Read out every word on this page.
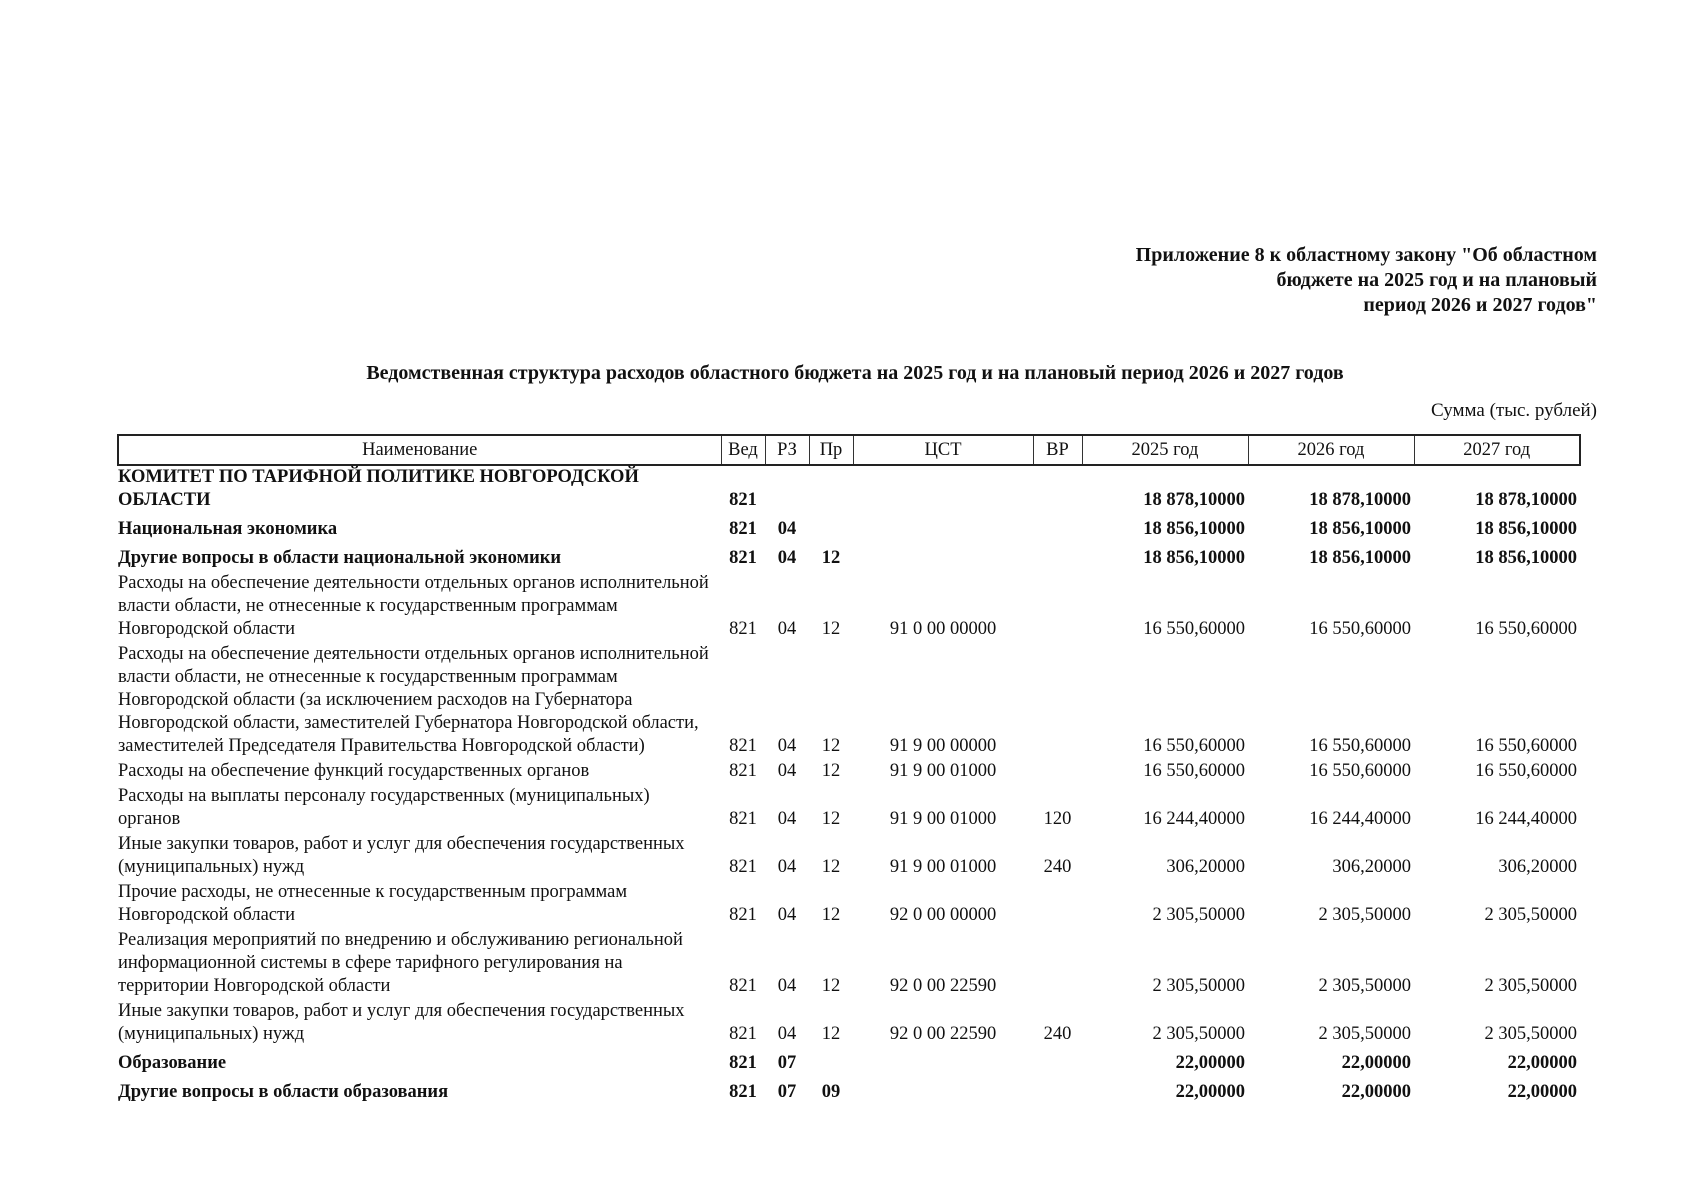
Приложение 8 к областному закону "Об областном
бюджете на 2025 год и на плановый
период 2026 и 2027 годов"
Ведомственная структура расходов областного бюджета на 2025 год и на плановый период 2026 и 2027 годов
Сумма (тыс. рублей)
Наименование	Вед	РЗ	Пр	ЦСТ	ВР	2025 год	2026 год	2027 год
КОМИТЕТ ПО ТАРИФНОЙ ПОЛИТИКЕ НОВГОРОДСКОЙ ОБЛАСТИ	821					18 878,10000	18 878,10000	18 878,10000
Национальная экономика	821	04				18 856,10000	18 856,10000	18 856,10000
Другие вопросы в области национальной экономики	821	04	12			18 856,10000	18 856,10000	18 856,10000
Расходы на обеспечение деятельности отдельных органов исполнительной власти области, не отнесенные к государственным программам Новгородской области	821	04	12	91 0 00 00000		16 550,60000	16 550,60000	16 550,60000
Расходы на обеспечение деятельности отдельных органов исполнительной власти области, не отнесенные к государственным программам Новгородской области (за исключением расходов на Губернатора Новгородской области, заместителей Губернатора Новгородской области, заместителей Председателя Правительства Новгородской области)	821	04	12	91 9 00 00000		16 550,60000	16 550,60000	16 550,60000
Расходы на обеспечение функций государственных органов	821	04	12	91 9 00 01000		16 550,60000	16 550,60000	16 550,60000
Расходы на выплаты персоналу государственных (муниципальных) органов	821	04	12	91 9 00 01000	120	16 244,40000	16 244,40000	16 244,40000
Иные закупки товаров, работ и услуг для обеспечения государственных (муниципальных) нужд	821	04	12	91 9 00 01000	240	306,20000	306,20000	306,20000
Прочие расходы, не отнесенные к государственным программам Новгородской области	821	04	12	92 0 00 00000		2 305,50000	2 305,50000	2 305,50000
Реализация мероприятий по внедрению и обслуживанию региональной информационной системы в сфере тарифного регулирования на территории Новгородской области	821	04	12	92 0 00 22590		2 305,50000	2 305,50000	2 305,50000
Иные закупки товаров, работ и услуг для обеспечения государственных (муниципальных) нужд	821	04	12	92 0 00 22590	240	2 305,50000	2 305,50000	2 305,50000
Образование	821	07				22,00000	22,00000	22,00000
Другие вопросы в области образования	821	07	09			22,00000	22,00000	22,00000
